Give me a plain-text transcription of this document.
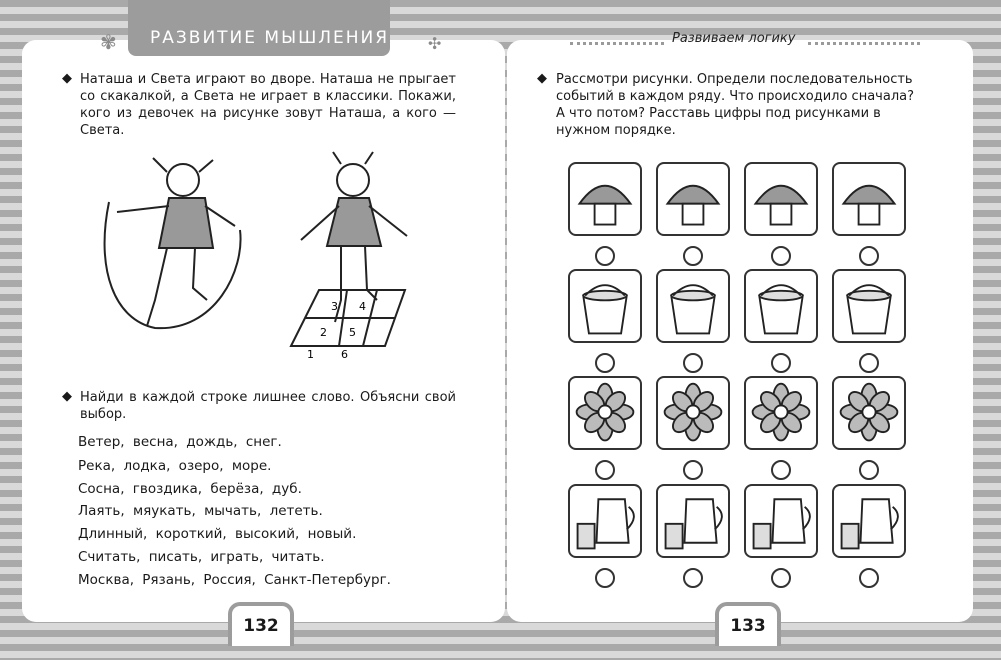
РАЗВИТИЕ МЫШЛЕНИЯ
✾	✣	Развиваем логику
◆ Наташа и Света играют во дворе. Наташа не прыгает со скакалкой, а Света не играет в классики. Покажи, кого из девочек на рисунке зовут Наташа, а кого — Света.
3 4
2 5
1 6
◆ Найди в каждой строке лишнее слово. Объясни свой выбор.
Ветер, весна, дождь, снег.
Река, лодка, озеро, море.
Сосна, гвоздика, берёза, дуб.
Лаять, мяукать, мычать, лететь.
Длинный, короткий, высокий, новый.
Считать, писать, играть, читать.
Москва, Рязань, Россия, Санкт-Петербург.
132
◆ Рассмотри рисунки. Определи последовательность событий в каждом ряду. Что происходило сначала? А что потом? Расставь цифры под рисунками в нужном порядке.
133
